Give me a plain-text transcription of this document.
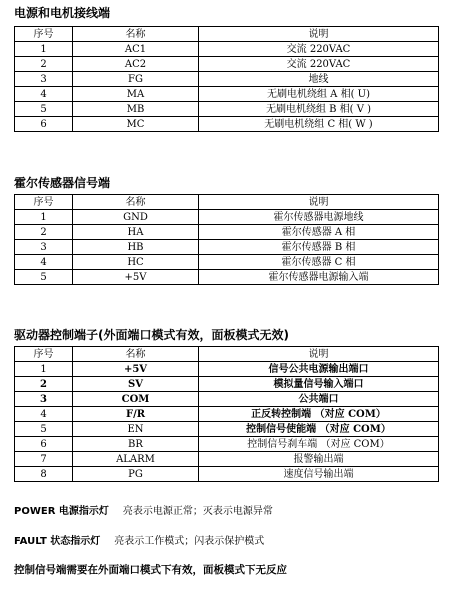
电源和电机接线端
序号	名称	说明
1	AC1	交流 220VAC
2	AC2	交流 220VAC
3	FG	地线
4	MA	无刷电机绕组 A 相( U)
5	MB	无刷电机绕组 B 相( V )
6	MC	无刷电机绕组 C 相( W )
霍尔传感器信号端
序号	名称	说明
1	GND	霍尔传感器电源地线
2	HA	霍尔传感器 A 相
3	HB	霍尔传感器 B 相
4	HC	霍尔传感器 C 相
5	+5V	霍尔传感器电源输入端
驱动器控制端子(外面端口模式有效，面板模式无效)
序号	名称	说明
1	+5V	信号公共电源输出端口
2	SV	模拟量信号输入端口
3	COM	公共端口
4	F/R	正反转控制端 （对应 COM）
5	EN	控制信号使能端 （对应 COM）
6	BR	控制信号刹车端 （对应 COM）
7	ALARM	报警输出端
8	PG	速度信号输出端
POWER 电源指示灯 亮表示电源正常；灭表示电源异常
FAULT 状态指示灯 亮表示工作模式；闪表示保护模式
控制信号端需要在外面端口模式下有效，面板模式下无反应
